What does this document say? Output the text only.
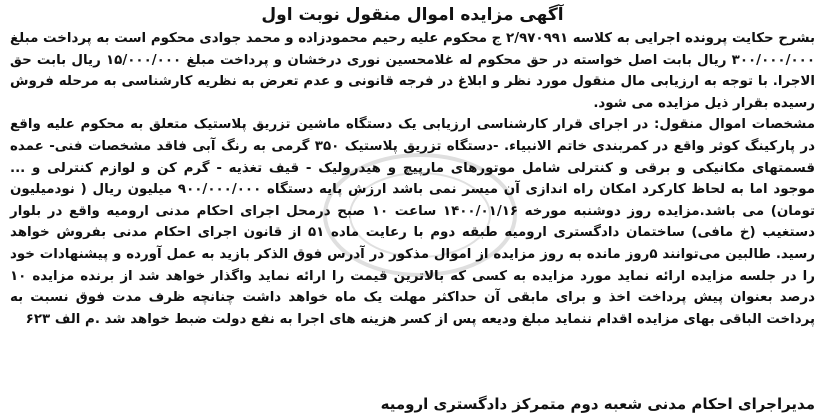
آگهی مزایده اموال منقول نوبت اول
بشرح حکایت پرونده اجرایی به کلاسه ۲/۹۷۰۹۹۱ ج محکوم علیه رحیم محمودزاده و محمد جوادی محکوم است به پرداخت مبلغ ۳۰۰/۰۰۰/۰۰۰ ریال بابت اصل خواسته در حق محکوم له غلامحسین نوری درخشان و پرداخت مبلغ ۱۵/۰۰۰/۰۰۰ ریال بابت حق الاجرا. با توجه به ارزیابی مال منقول مورد نظر و ابلاغ در فرجه قانونی و عدم تعرض به نظریه کارشناسی به مرحله فروش رسیده بقرار ذیل مزایده می شود.
مشخصات اموال منقول: در اجرای قرار کارشناسی ارزیابی یک دستگاه ماشین تزریق پلاستیک متعلق به محکوم علیه واقع در پارکینگ کوثر واقع در کمربندی خاتم الانبیاء. -دستگاه تزریق پلاستیک ۳۵۰ گرمی به رنگ آبی فاقد مشخصات فنی- عمده قسمتهای مکانیکی و برقی و کنترلی شامل موتورهای مارپیچ و هیدرولیک - قیف تغذیه - گرم کن و لوازم کنترلی و ... موجود اما به لحاظ کارکرد امکان راه اندازی آن میسر نمی باشد ارزش پایه دستگاه ۹۰۰/۰۰۰/۰۰۰ میلیون ریال ( نودمیلیون تومان) می باشد.مزایده روز دوشنبه مورخه ۱۴۰۰/۰۱/۱۶ ساعت ۱۰ صبح درمحل اجرای احکام مدنی ارومیه واقع در بلوار دستغیب (خ مافی) ساختمان دادگستری ارومیه طبقه دوم با رعایت ماده ۵۱ از قانون اجرای احکام مدنی بفروش خواهد رسید. طالبین می‌توانند ۵روز مانده به روز مزایده از اموال مذکور در آدرس فوق الذکر بازید به عمل آورده و پیشنهادات خود را در جلسه مزایده ارائه نماید مورد مزایده به کسی که بالاترین قیمت را ارائه نماید واگذار خواهد شد از برنده مزایده ۱۰ درصد بعنوان پیش پرداخت اخذ و برای مابقی آن حداکثر مهلت یک ماه خواهد داشت چنانچه ظرف مدت فوق نسبت به پرداخت الباقی بهای مزایده اقدام ننماید مبلغ ودیعه پس از کسر هزینه های اجرا به نفع دولت ضبط خواهد شد .م الف ۶۲۳
مدیراجرای احکام مدنی شعبه دوم متمرکز دادگستری ارومیه
